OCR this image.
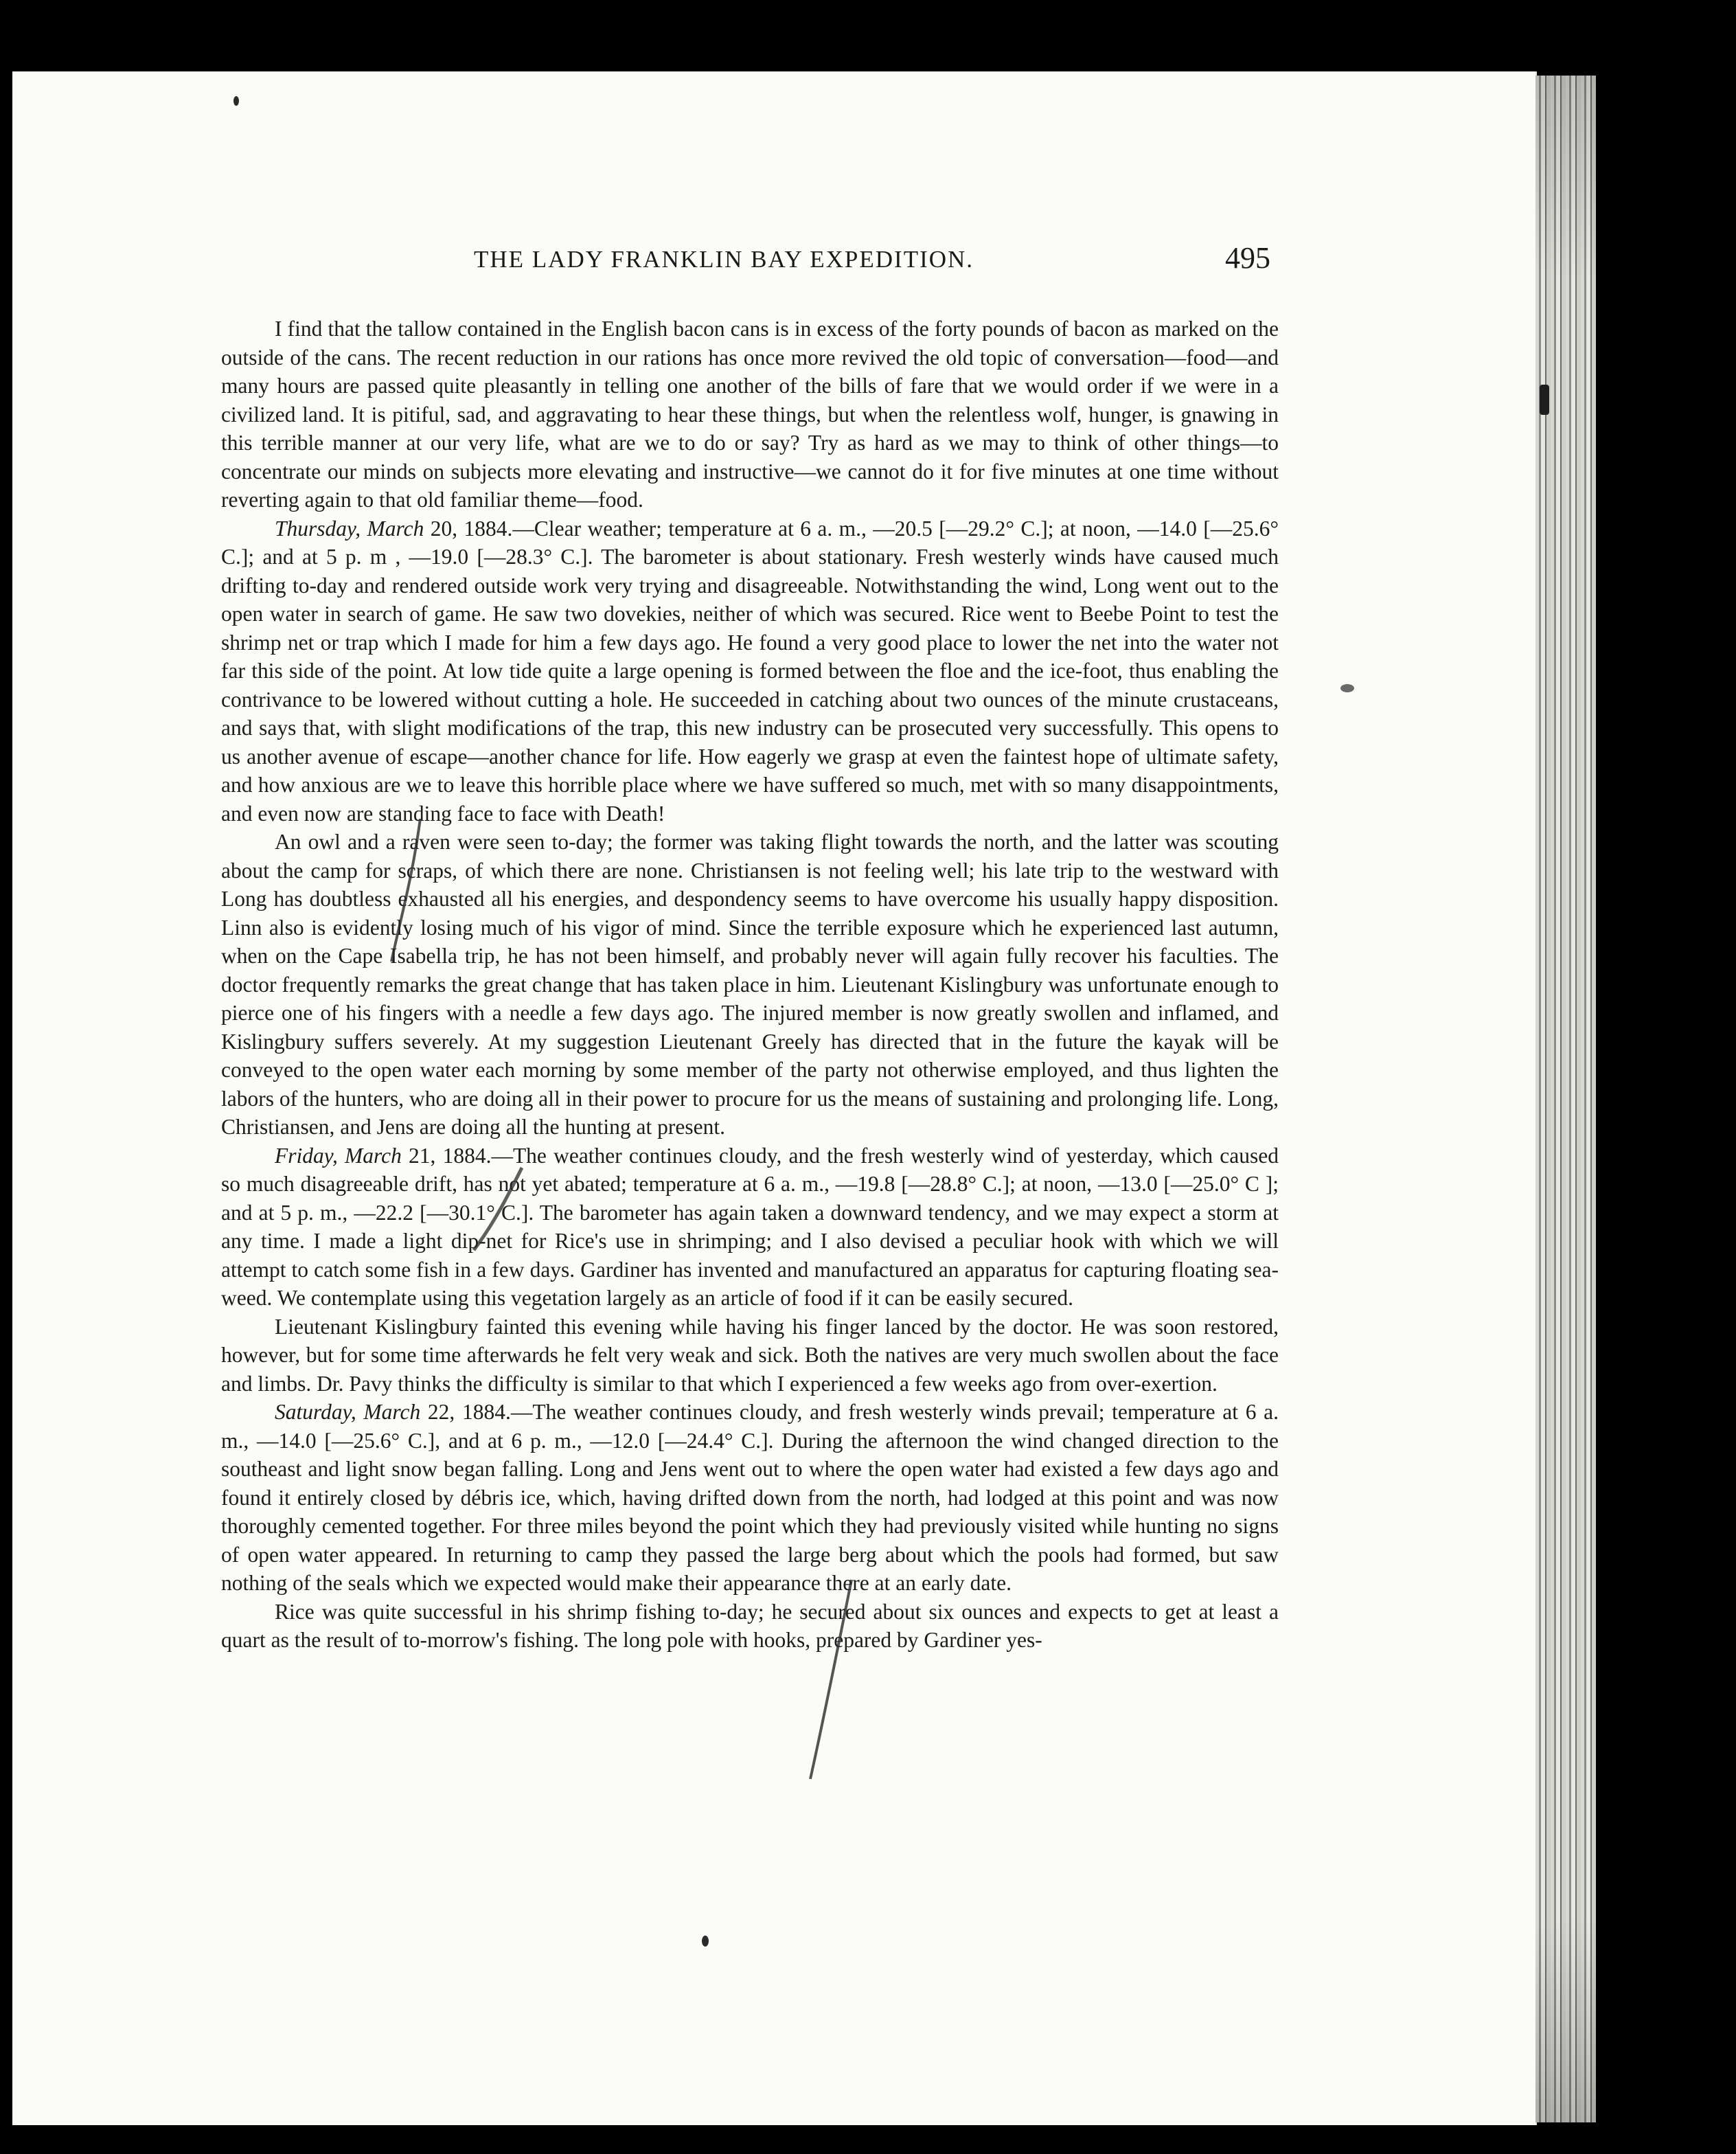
THE LADY FRANKLIN BAY EXPEDITION.	495

I find that the tallow contained in the English bacon cans is in excess of the forty pounds of bacon as marked on the outside of the cans. The recent reduction in our rations has once more revived the old topic of conversation—food—and many hours are passed quite pleasantly in telling one another of the bills of fare that we would order if we were in a civilized land. It is pitiful, sad, and aggravating to hear these things, but when the relentless wolf, hunger, is gnawing in this terrible manner at our very life, what are we to do or say? Try as hard as we may to think of other things—to concentrate our minds on subjects more elevating and instructive—we cannot do it for five minutes at one time without reverting again to that old familiar theme—food.

Thursday, March 20, 1884.—Clear weather; temperature at 6 a. m., —20.5 [—29.2° C.]; at noon, —14.0 [—25.6° C.]; and at 5 p. m , —19.0 [—28.3° C.]. The barometer is about stationary. Fresh westerly winds have caused much drifting to-day and rendered outside work very trying and disagreeable. Notwithstanding the wind, Long went out to the open water in search of game. He saw two dovekies, neither of which was secured. Rice went to Beebe Point to test the shrimp net or trap which I made for him a few days ago. He found a very good place to lower the net into the water not far this side of the point. At low tide quite a large opening is formed between the floe and the ice-foot, thus enabling the contrivance to be lowered without cutting a hole. He succeeded in catching about two ounces of the minute crustaceans, and says that, with slight modifications of the trap, this new industry can be prosecuted very successfully. This opens to us another avenue of escape—another chance for life. How eagerly we grasp at even the faintest hope of ultimate safety, and how anxious are we to leave this horrible place where we have suffered so much, met with so many disappointments, and even now are standing face to face with Death!

An owl and a raven were seen to-day; the former was taking flight towards the north, and the latter was scouting about the camp for scraps, of which there are none. Christiansen is not feeling well; his late trip to the westward with Long has doubtless exhausted all his energies, and despondency seems to have overcome his usually happy disposition. Linn also is evidently losing much of his vigor of mind. Since the terrible exposure which he experienced last autumn, when on the Cape Isabella trip, he has not been himself, and probably never will again fully recover his faculties. The doctor frequently remarks the great change that has taken place in him. Lieutenant Kislingbury was unfortunate enough to pierce one of his fingers with a needle a few days ago. The injured member is now greatly swollen and inflamed, and Kislingbury suffers severely. At my suggestion Lieutenant Greely has directed that in the future the kayak will be conveyed to the open water each morning by some member of the party not otherwise employed, and thus lighten the labors of the hunters, who are doing all in their power to procure for us the means of sustaining and prolonging life. Long, Christiansen, and Jens are doing all the hunting at present.

Friday, March 21, 1884.—The weather continues cloudy, and the fresh westerly wind of yesterday, which caused so much disagreeable drift, has not yet abated; temperature at 6 a. m., —19.8 [—28.8° C.]; at noon, —13.0 [—25.0° C ]; and at 5 p. m., —22.2 [—30.1° C.]. The barometer has again taken a downward tendency, and we may expect a storm at any time. I made a light dip-net for Rice's use in shrimping; and I also devised a peculiar hook with which we will attempt to catch some fish in a few days. Gardiner has invented and manufactured an apparatus for capturing floating sea-weed. We contemplate using this vegetation largely as an article of food if it can be easily secured.

Lieutenant Kislingbury fainted this evening while having his finger lanced by the doctor. He was soon restored, however, but for some time afterwards he felt very weak and sick. Both the natives are very much swollen about the face and limbs. Dr. Pavy thinks the difficulty is similar to that which I experienced a few weeks ago from over-exertion.

Saturday, March 22, 1884.—The weather continues cloudy, and fresh westerly winds prevail; temperature at 6 a. m., —14.0 [—25.6° C.], and at 6 p. m., —12.0 [—24.4° C.]. During the afternoon the wind changed direction to the southeast and light snow began falling. Long and Jens went out to where the open water had existed a few days ago and found it entirely closed by débris ice, which, having drifted down from the north, had lodged at this point and was now thoroughly cemented together. For three miles beyond the point which they had previously visited while hunting no signs of open water appeared. In returning to camp they passed the large berg about which the pools had formed, but saw nothing of the seals which we expected would make their appearance there at an early date.

Rice was quite successful in his shrimp fishing to-day; he secured about six ounces and expects to get at least a quart as the result of to-morrow's fishing. The long pole with hooks, prepared by Gardiner yes-
